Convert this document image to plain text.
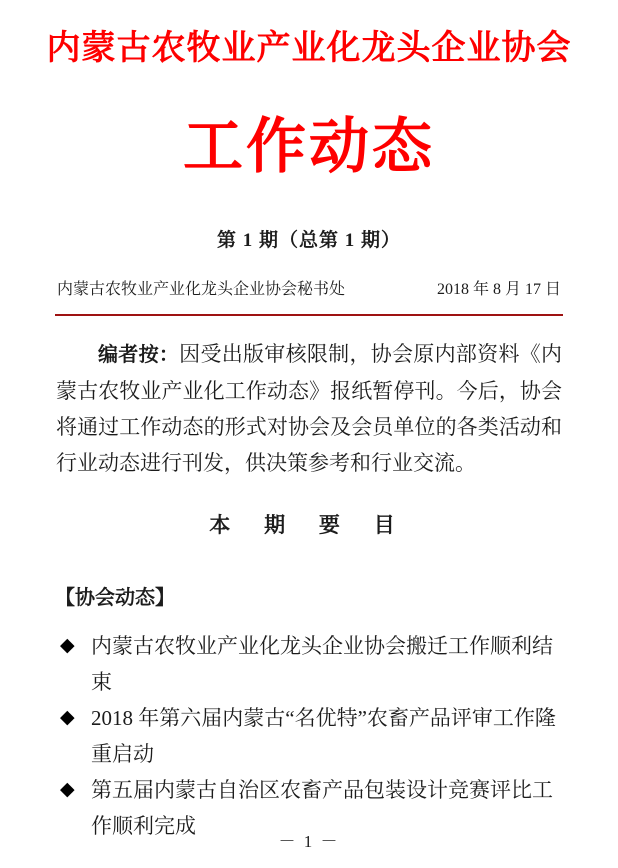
内蒙古农牧业产业化龙头企业协会
工作动态
第 1 期（总第 1 期）
内蒙古农牧业产业化龙头企业协会秘书处	2018 年 8 月 17 日

编者按：因受出版审核限制，协会原内部资料《内蒙古农牧业产业化工作动态》报纸暂停刊。今后，协会将通过工作动态的形式对协会及会员单位的各类活动和行业动态进行刊发，供决策参考和行业交流。

本 期 要 目
【协会动态】
◆ 内蒙古农牧业产业化龙头企业协会搬迁工作顺利结束
◆ 2018 年第六届内蒙古“名优特”农畜产品评审工作隆重启动
◆ 第五届内蒙古自治区农畜产品包装设计竞赛评比工作顺利完成
－ 1 －
